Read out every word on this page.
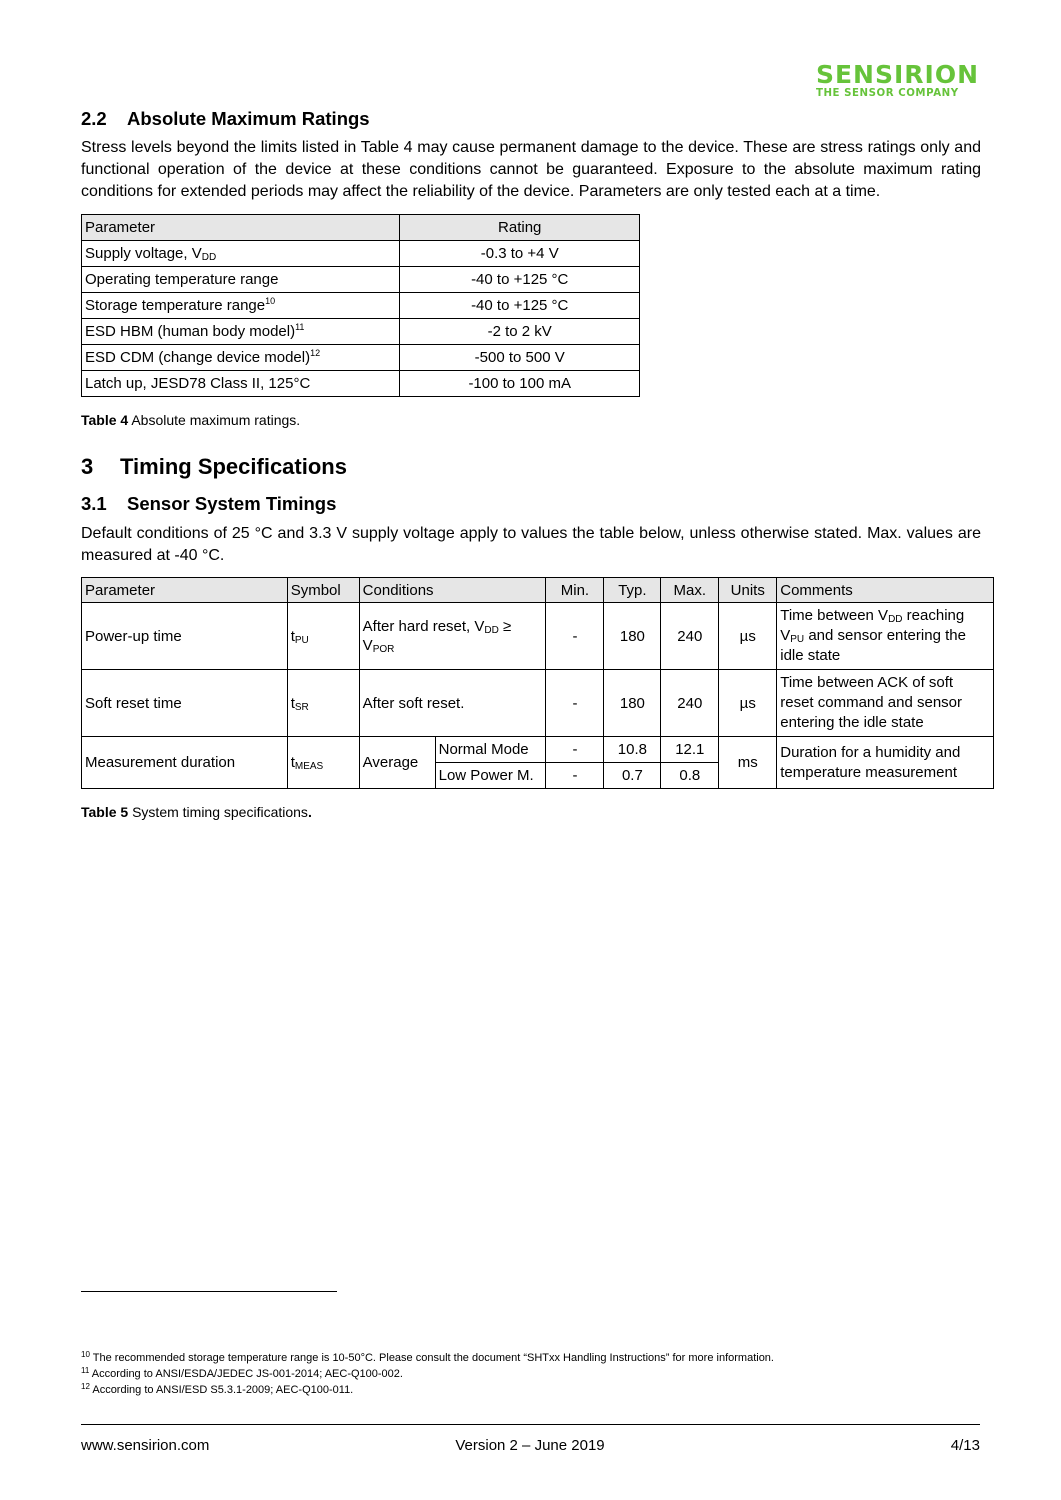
SENSIRION
THE SENSOR COMPANY
2.2 Absolute Maximum Ratings
Stress levels beyond the limits listed in Table 4 may cause permanent damage to the device. These are stress ratings only and functional operation of the device at these conditions cannot be guaranteed. Exposure to the absolute maximum rating conditions for extended periods may affect the reliability of the device. Parameters are only tested each at a time.
Parameter	Rating
Supply voltage, $V_{DD}$	-0.3 to +4 V
Operating temperature range	-40 to +125 °C
Storage temperature range$^{10}$	-40 to +125 °C
ESD HBM (human body model)$^{11}$	-2 to 2 kV
ESD CDM (change device model)$^{12}$	-500 to 500 V
Latch up, JESD78 Class II, 125°C	-100 to 100 mA
Table 4 Absolute maximum ratings.
3 Timing Specifications
3.1 Sensor System Timings
Default conditions of 25 °C and 3.3 V supply voltage apply to values the table below, unless otherwise stated. Max. values are measured at -40 °C.
Parameter	Symbol	Conditions		Min.	Typ.	Max.	Units	Comments
Power-up time	$t_{PU}$	After hard reset, $V_{DD} \ge V_{POR}$		-	180	240	µs	Time between $V_{DD}$ reaching $V_{PU}$ and sensor entering the idle state
Soft reset time	$t_{SR}$	After soft reset.		-	180	240	µs	Time between ACK of soft reset command and sensor entering the idle state
Measurement duration	$t_{MEAS}$	Average	Normal Mode	-	10.8	12.1	ms	Duration for a humidity and temperature measurement
			Low Power M.	-	0.7	0.8		
Table 5 System timing specifications.
$^{10}$ The recommended storage temperature range is 10-50°C. Please consult the document “SHTxx Handling Instructions” for more information.
$^{11}$ According to ANSI/ESDA/JEDEC JS-001-2014; AEC-Q100-002.
$^{12}$ According to ANSI/ESD S5.3.1-2009; AEC-Q100-011.
www.sensirion.com	Version 2 – June 2019	4/13
